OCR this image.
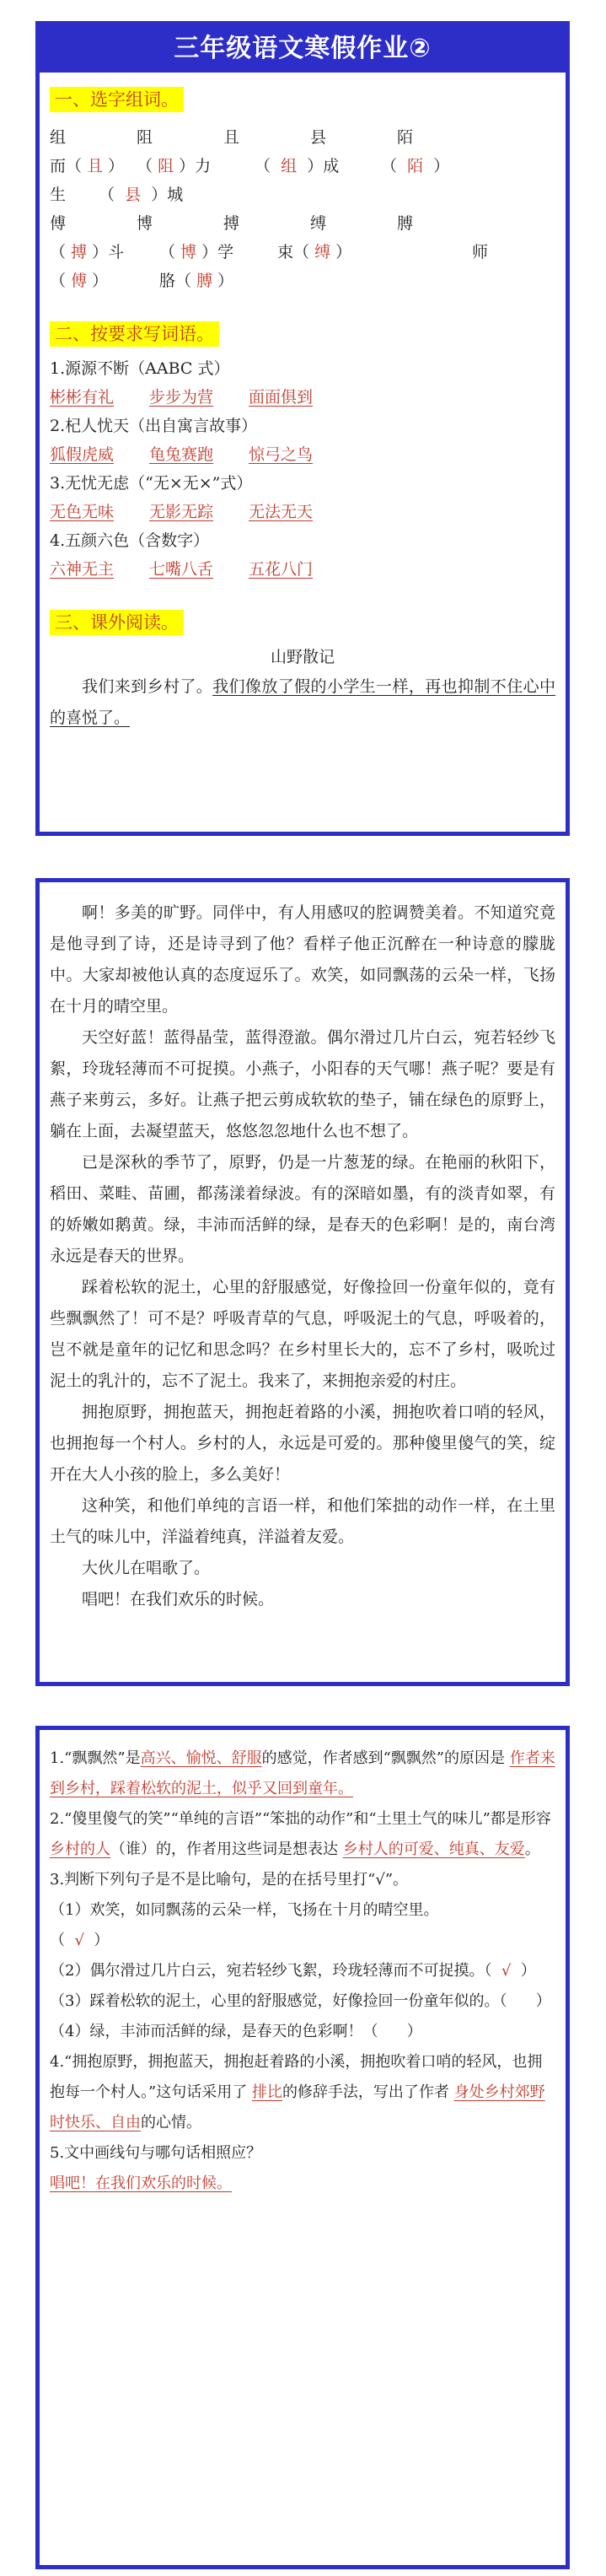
三年级语文寒假作业②
一、选字组词。
组	阻	且	县	陌
而（ 且 ） （ 阻 ）力	（ 组 ）成	（ 陌 ）
生 （ 县 ）城
傅	博	搏	缚	膊
（ 搏 ）斗 （ 博 ）学	束（ 缚 ）	师
（ 傅 ）	胳（ 膊 ）
二、按要求写词语。
1.源源不断（AABC 式）
彬彬有礼 步步为营 面面俱到
2.杞人忧天（出自寓言故事）
狐假虎威 龟兔赛跑 惊弓之鸟
3.无忧无虑（“无×无×”式）
无色无味 无影无踪 无法无天
4.五颜六色（含数字）
六神无主 七嘴八舌 五花八门
三、课外阅读。
山野散记

我们来到乡村了。我们像放了假的小学生一样，再也抑制不住心中的喜悦了。

啊！多美的旷野。同伴中，有人用感叹的腔调赞美着。不知道究竟是他寻到了诗，还是诗寻到了他？看样子他正沉醉在一种诗意的朦胧中。大家却被他认真的态度逗乐了。欢笑，如同飘荡的云朵一样，飞扬在十月的晴空里。

天空好蓝！蓝得晶莹，蓝得澄澈。偶尔滑过几片白云，宛若轻纱飞絮，玲珑轻薄而不可捉摸。小燕子，小阳春的天气哪！燕子呢？要是有燕子来剪云，多好。让燕子把云剪成软软的垫子，铺在绿色的原野上，躺在上面，去凝望蓝天，悠悠忽忽地什么也不想了。

已是深秋的季节了，原野，仍是一片葱茏的绿。在艳丽的秋阳下，稻田、菜畦、苗圃，都荡漾着绿波。有的深暗如墨，有的淡青如翠，有的娇嫩如鹅黄。绿，丰沛而活鲜的绿，是春天的色彩啊！是的，南台湾永远是春天的世界。

踩着松软的泥土，心里的舒服感觉，好像捡回一份童年似的，竟有些飘飘然了！可不是？呼吸青草的气息，呼吸泥土的气息，呼吸着的，岂不就是童年的记忆和思念吗？在乡村里长大的，忘不了乡村，吸吮过泥土的乳汁的，忘不了泥土。我来了，来拥抱亲爱的村庄。

拥抱原野，拥抱蓝天，拥抱赶着路的小溪，拥抱吹着口哨的轻风，也拥抱每一个村人。乡村的人，永远是可爱的。那种傻里傻气的笑，绽开在大人小孩的脸上，多么美好！

这种笑，和他们单纯的言语一样，和他们笨拙的动作一样，在土里土气的味儿中，洋溢着纯真，洋溢着友爱。

大伙儿在唱歌了。

唱吧！在我们欢乐的时候。

1.“飘飘然”是高兴、愉悦、舒服的感觉，作者感到“飘飘然”的原因是 作者来到乡村，踩着松软的泥土，似乎又回到童年。

2.“傻里傻气的笑”“单纯的言语”“笨拙的动作”和“土里土气的味儿”都是形容 乡村的人（谁）的，作者用这些词是想表达 乡村人的可爱、纯真、友爱。

3.判断下列句子是不是比喻句，是的在括号里打“√”。

（1）欢笑，如同飘荡的云朵一样，飞扬在十月的晴空里。

（  √  ）

（2）偶尔滑过几片白云，宛若轻纱飞絮，玲珑轻薄而不可捉摸。（  √  ）

（3）踩着松软的泥土，心里的舒服感觉，好像捡回一份童年似的。（      ）

（4）绿，丰沛而活鲜的绿，是春天的色彩啊！（      ）

4.“拥抱原野，拥抱蓝天，拥抱赶着路的小溪，拥抱吹着口哨的轻风，也拥抱每一个村人。”这句话采用了 排比的修辞手法，写出了作者 身处乡村郊野时快乐、自由的心情。

5.文中画线句与哪句话相照应？

唱吧！在我们欢乐的时候。
